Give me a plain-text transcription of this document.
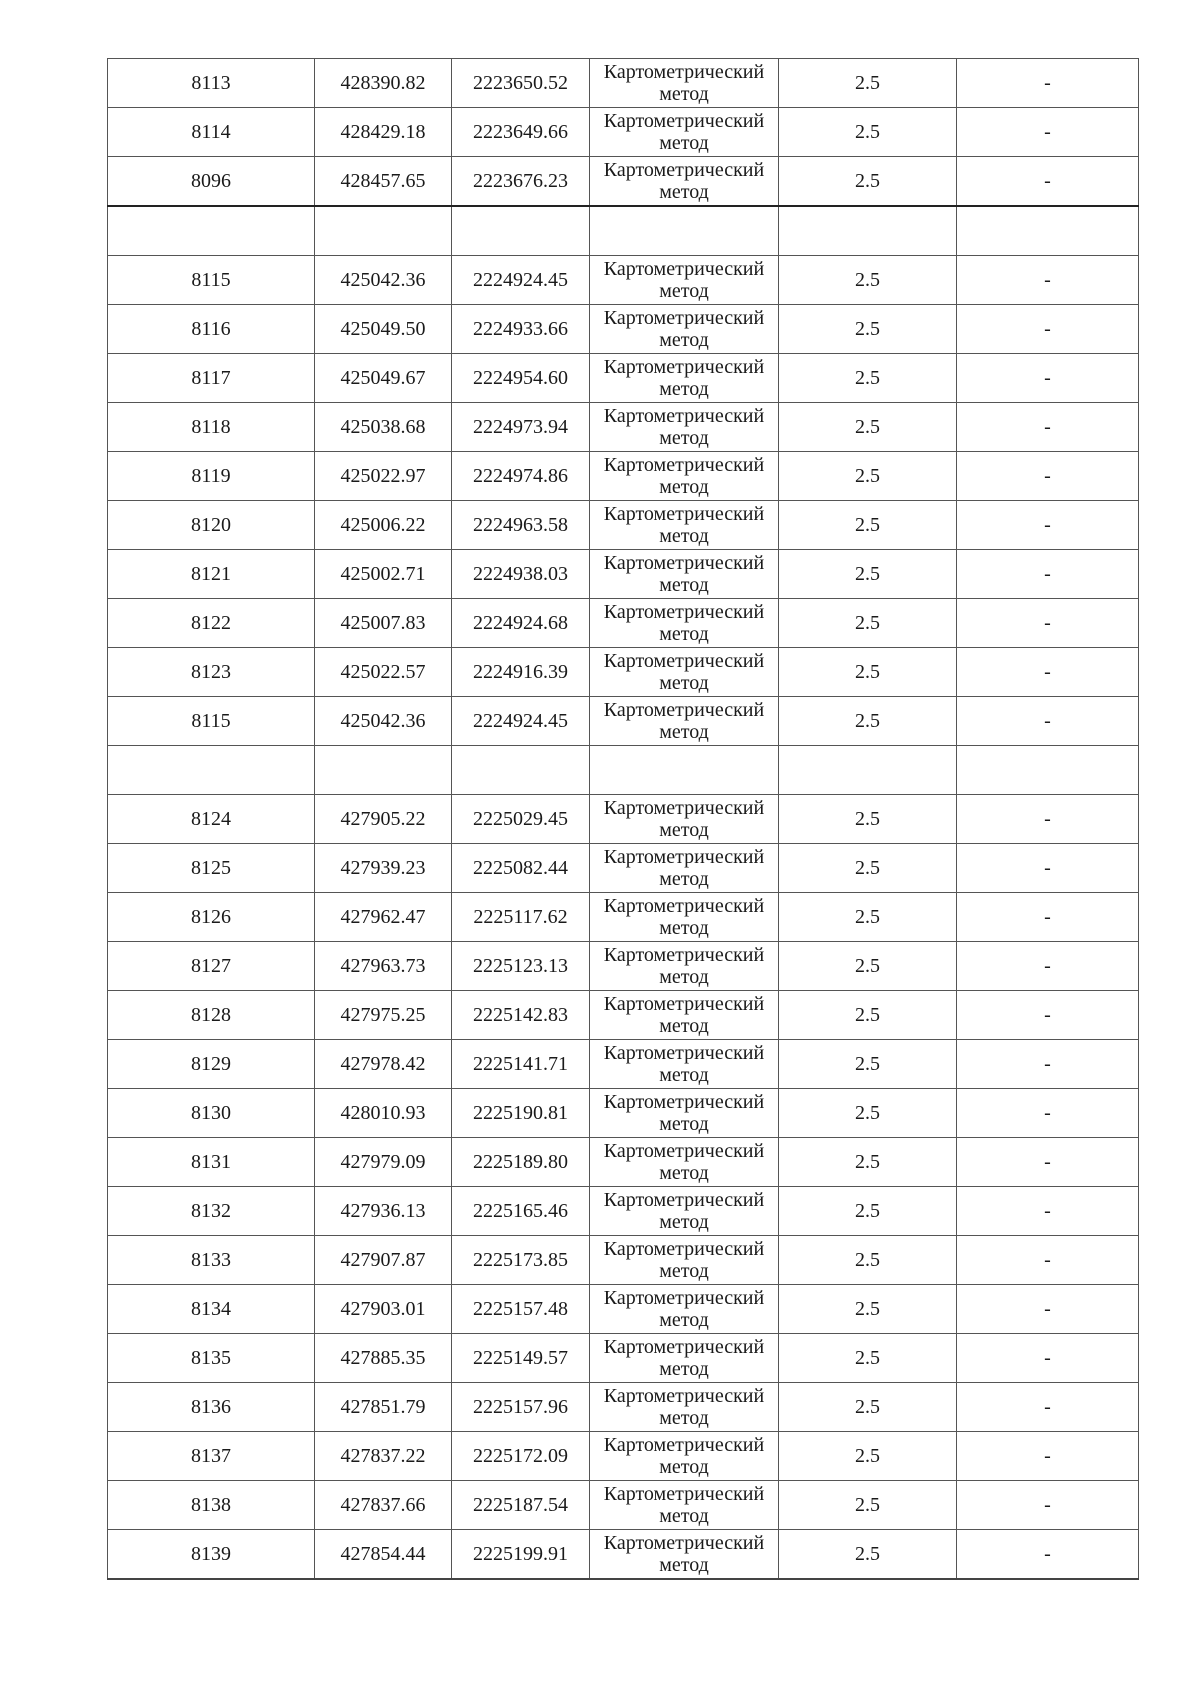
8113	428390.82	2223650.52	Картометрический
метод	2.5	-
8114	428429.18	2223649.66	Картометрический
метод	2.5	-
8096	428457.65	2223676.23	Картометрический
метод	2.5	-

8115	425042.36	2224924.45	Картометрический
метод	2.5	-
8116	425049.50	2224933.66	Картометрический
метод	2.5	-
8117	425049.67	2224954.60	Картометрический
метод	2.5	-
8118	425038.68	2224973.94	Картометрический
метод	2.5	-
8119	425022.97	2224974.86	Картометрический
метод	2.5	-
8120	425006.22	2224963.58	Картометрический
метод	2.5	-
8121	425002.71	2224938.03	Картометрический
метод	2.5	-
8122	425007.83	2224924.68	Картометрический
метод	2.5	-
8123	425022.57	2224916.39	Картометрический
метод	2.5	-
8115	425042.36	2224924.45	Картометрический
метод	2.5	-

8124	427905.22	2225029.45	Картометрический
метод	2.5	-
8125	427939.23	2225082.44	Картометрический
метод	2.5	-
8126	427962.47	2225117.62	Картометрический
метод	2.5	-
8127	427963.73	2225123.13	Картометрический
метод	2.5	-
8128	427975.25	2225142.83	Картометрический
метод	2.5	-
8129	427978.42	2225141.71	Картометрический
метод	2.5	-
8130	428010.93	2225190.81	Картометрический
метод	2.5	-
8131	427979.09	2225189.80	Картометрический
метод	2.5	-
8132	427936.13	2225165.46	Картометрический
метод	2.5	-
8133	427907.87	2225173.85	Картометрический
метод	2.5	-
8134	427903.01	2225157.48	Картометрический
метод	2.5	-
8135	427885.35	2225149.57	Картометрический
метод	2.5	-
8136	427851.79	2225157.96	Картометрический
метод	2.5	-
8137	427837.22	2225172.09	Картометрический
метод	2.5	-
8138	427837.66	2225187.54	Картометрический
метод	2.5	-
8139	427854.44	2225199.91	Картометрический
метод	2.5	-
